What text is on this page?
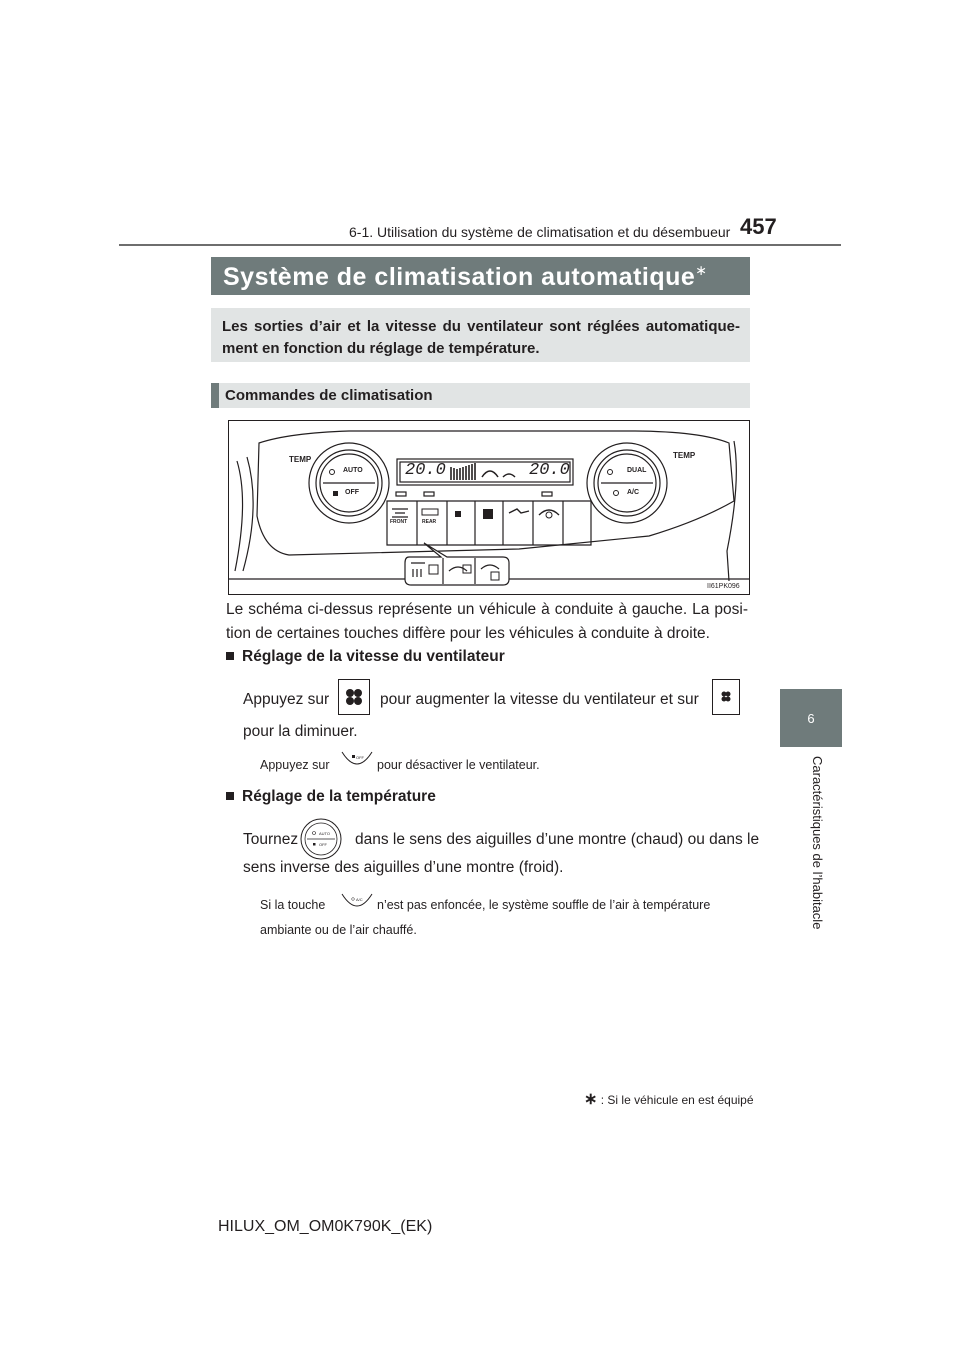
6-1. Utilisation du système de climatisation et du désembueur 457
Système de climatisation automatique∗
Les sorties d’air et la vitesse du ventilateur sont réglées automatique-ment en fonction du réglage de température.
Commandes de climatisation
TEMP	TEMP
AUTO
OFF
DUAL
A/C
20.0	20.0
FRONT	REAR
II61PK096
Le schéma ci-dessus représente un véhicule à conduite à gauche. La posi-tion de certaines touches diffère pour les véhicules à conduite à droite.
Réglage de la vitesse du ventilateur
Appuyez sur	pour augmenter la vitesse du ventilateur et sur
pour la diminuer.
Appuyez sur
OFF
pour désactiver le ventilateur.
Réglage de la température
Tournez	AUTO
OFF dans le sens des aiguilles d’une montre (chaud) ou dans le
sens inverse des aiguilles d’une montre (froid).
Si la touche	A/C n’est pas enfoncée, le système souffle de l’air à température
ambiante ou de l’air chauffé.
6
Caractéristiques de l’habitacle
∗ : Si le véhicule en est équipé
HILUX_OM_OM0K790K_(EK)
